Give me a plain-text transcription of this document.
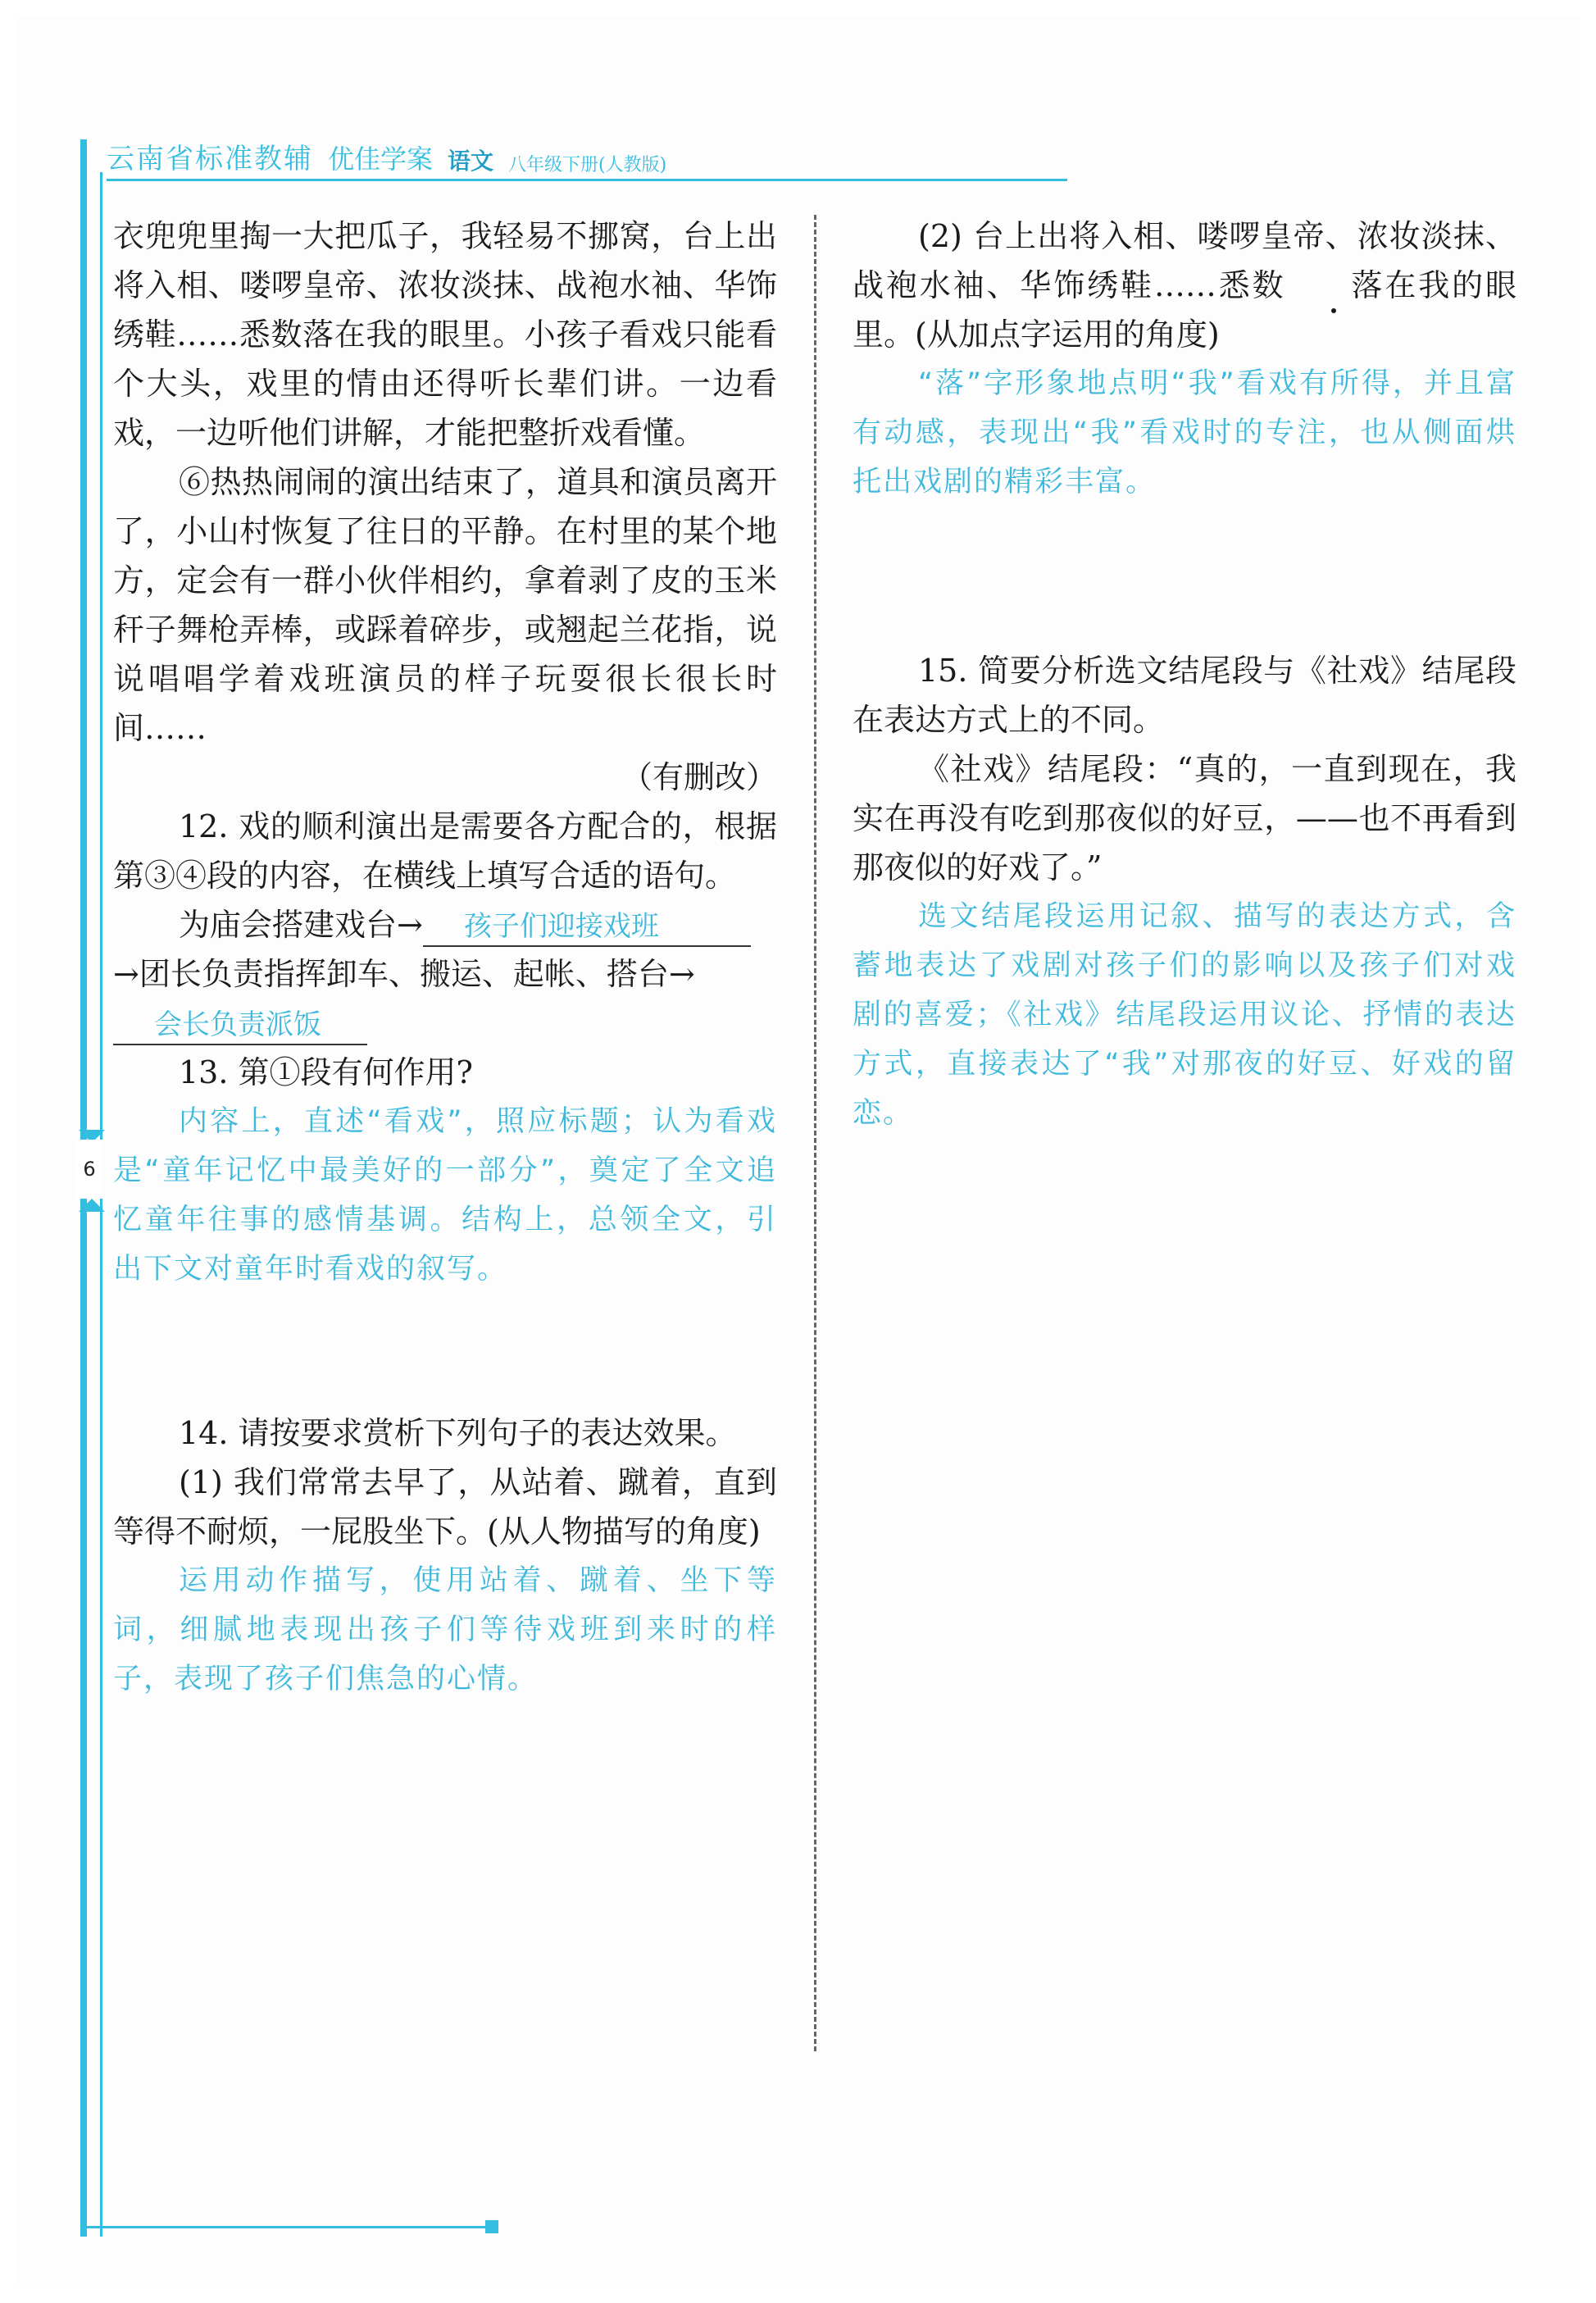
云南省标准教辅 优佳学案 语文 八年级下册(人教版)
6

衣兜兜里掏一大把瓜子，我轻易不挪窝，台上出将入相、喽啰皇帝、浓妆淡抹、战袍水袖、华饰绣鞋……悉数落在我的眼里。小孩子看戏只能看个大头，戏里的情由还得听长辈们讲。一边看戏，一边听他们讲解，才能把整折戏看懂。

⑥热热闹闹的演出结束了，道具和演员离开了，小山村恢复了往日的平静。在村里的某个地方，定会有一群小伙伴相约，拿着剥了皮的玉米秆子舞枪弄棒，或踩着碎步，或翘起兰花指，说说唱唱学着戏班演员的样子玩耍很长很长时间……

（有删改）

12. 戏的顺利演出是需要各方配合的，根据第③④段的内容，在横线上填写合适的语句。

为庙会搭建戏台→ 孩子们迎接戏班

→团长负责指挥卸车、搬运、起帐、搭台→

会长负责派饭

13. 第①段有何作用?

内容上，直述“看戏”，照应标题；认为看戏是“童年记忆中最美好的一部分”，奠定了全文追忆童年往事的感情基调。结构上，总领全文，引出下文对童年时看戏的叙写。

14. 请按要求赏析下列句子的表达效果。

(1) 我们常常去早了，从站着、蹴着，直到等得不耐烦，一屁股坐下。(从人物描写的角度)

运用动作描写，使用站着、蹴着、坐下等词，细腻地表现出孩子们等待戏班到来时的样子，表现了孩子们焦急的心情。

(2) 台上出将入相、喽啰皇帝、浓妆淡抹、战袍水袖、华饰绣鞋……悉数 落在我的眼里。(从加点字运用的角度)

“落”字形象地点明“我”看戏有所得，并且富有动感，表现出“我”看戏时的专注，也从侧面烘托出戏剧的精彩丰富。

15. 简要分析选文结尾段与《社戏》结尾段在表达方式上的不同。

《社戏》结尾段：“真的，一直到现在，我实在再没有吃到那夜似的好豆，——也不再看到那夜似的好戏了。”

选文结尾段运用记叙、描写的表达方式，含蓄地表达了戏剧对孩子们的影响以及孩子们对戏剧的喜爱；《社戏》结尾段运用议论、抒情的表达方式，直接表达了“我”对那夜的好豆、好戏的留恋。
